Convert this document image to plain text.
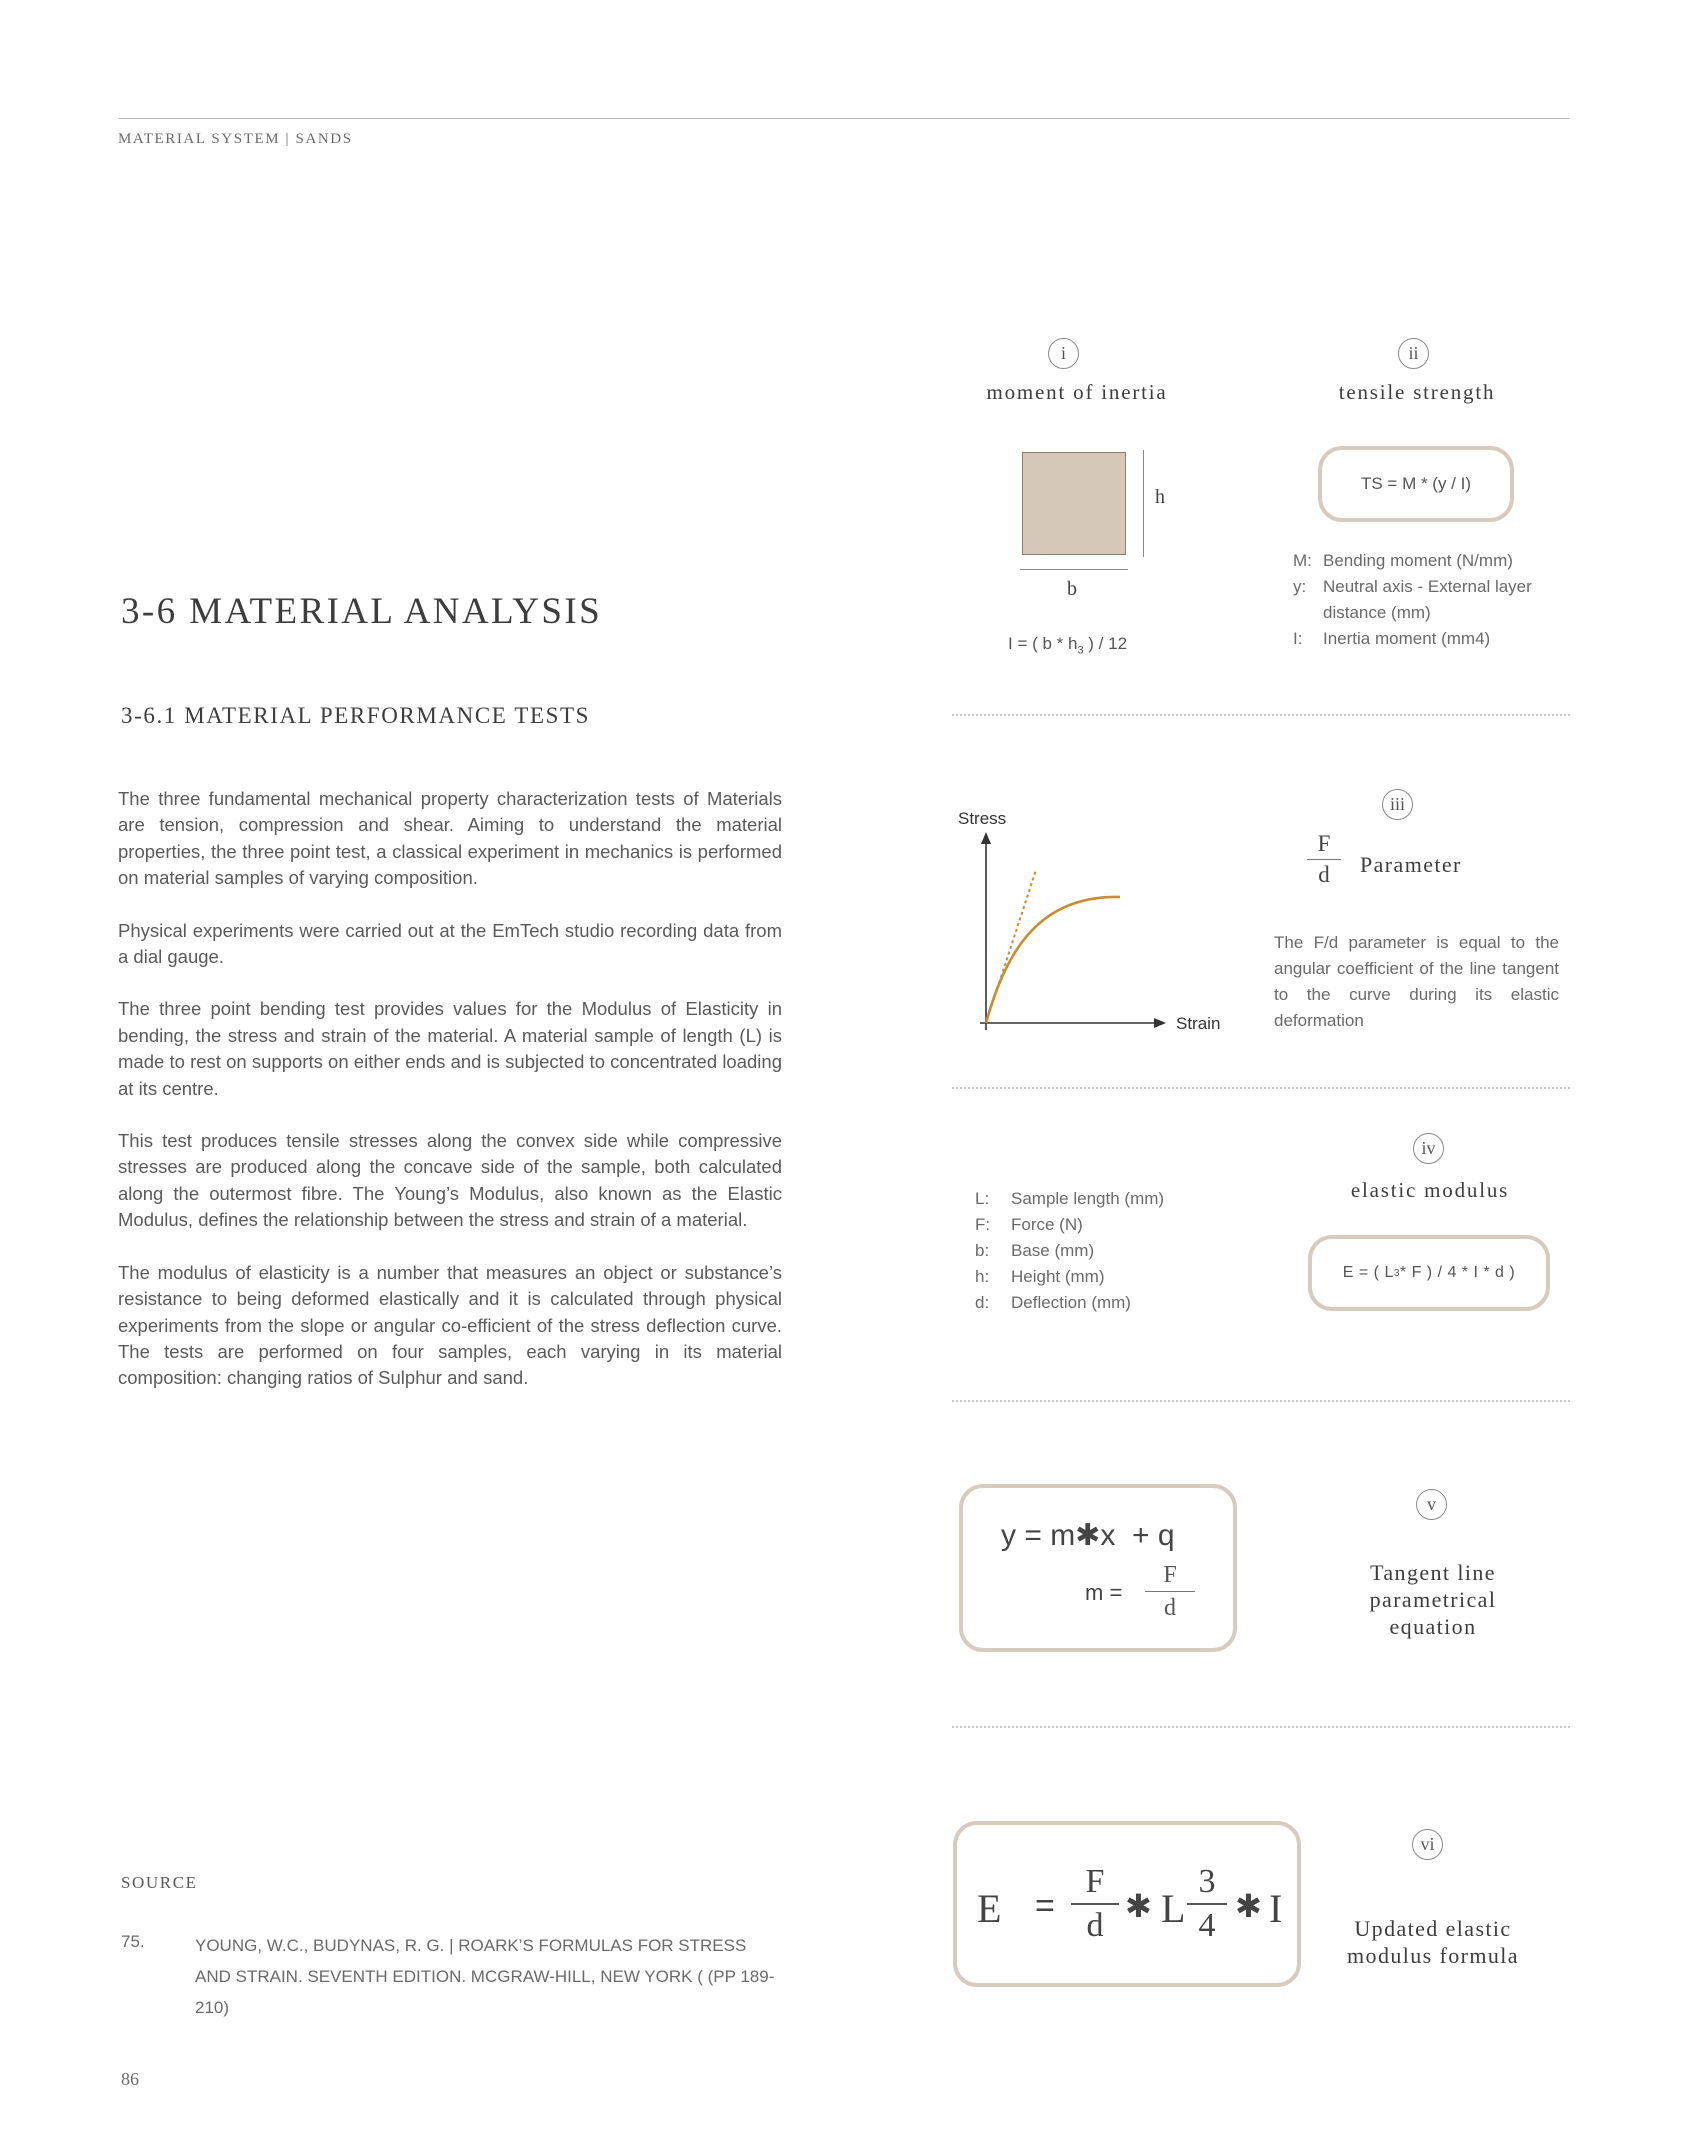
MATERIAL SYSTEM | SANDS
3-6 MATERIAL ANALYSIS
3-6.1 MATERIAL PERFORMANCE TESTS

The three fundamental mechanical property characterization tests of Materials are tension, compression and shear. Aiming to understand the material properties, the three point test, a classical experiment in mechanics is performed on material samples of varying composition.

Physical experiments were carried out at the EmTech studio recording data from a dial gauge.

The three point bending test provides values for the Modulus of Elasticity in bending, the stress and strain of the material. A material sample of length (L) is made to rest on supports on either ends and is subjected to concentrated loading at its centre.

This test produces tensile stresses along the convex side while compressive stresses are produced along the concave side of the sample, both calculated along the outermost fibre. The Young’s Modulus, also known as the Elastic Modulus, defines the relationship between the stress and strain of a material.

The modulus of elasticity is a number that measures an object or substance’s resistance to being deformed elastically and it is calculated through physical experiments from the slope or angular co-efficient of the stress deflection curve. The tests are performed on four samples, each varying in its material composition: changing ratios of Sulphur and sand.

SOURCE
75.	YOUNG, W.C., BUDYNAS, R. G. | ROARK’S FORMULAS FOR STRESS AND STRAIN. SEVENTH EDITION. MCGRAW-HILL, NEW YORK ( (PP 189-210)
86
i
moment of inertia
h
b
I = ( b * $h_3$ ) / 12
ii
tensile strength
TS = M * (y / I)
M:	Bending moment (N/mm)
y:	Neutral axis - External layer distance (mm)
I:	Inertia moment (mm4)
Stress
Strain
iii
F
d	Parameter
The F/d parameter is equal to the angular coefficient of the line tangent to the curve during its elastic deformation
iv
elastic modulus
L:	Sample length (mm)
F:	Force (N)
b:	Base (mm)
h:	Height (mm)
d:	Deflection (mm)
E = ( L 3 * F ) / 4 * I * d )
y = m✱x  + q
m =
F
d
v
Tangent line
parametrical
equation
E =
F
d
✱ L
3
4
✱ I
vi
Updated elastic
modulus formula
